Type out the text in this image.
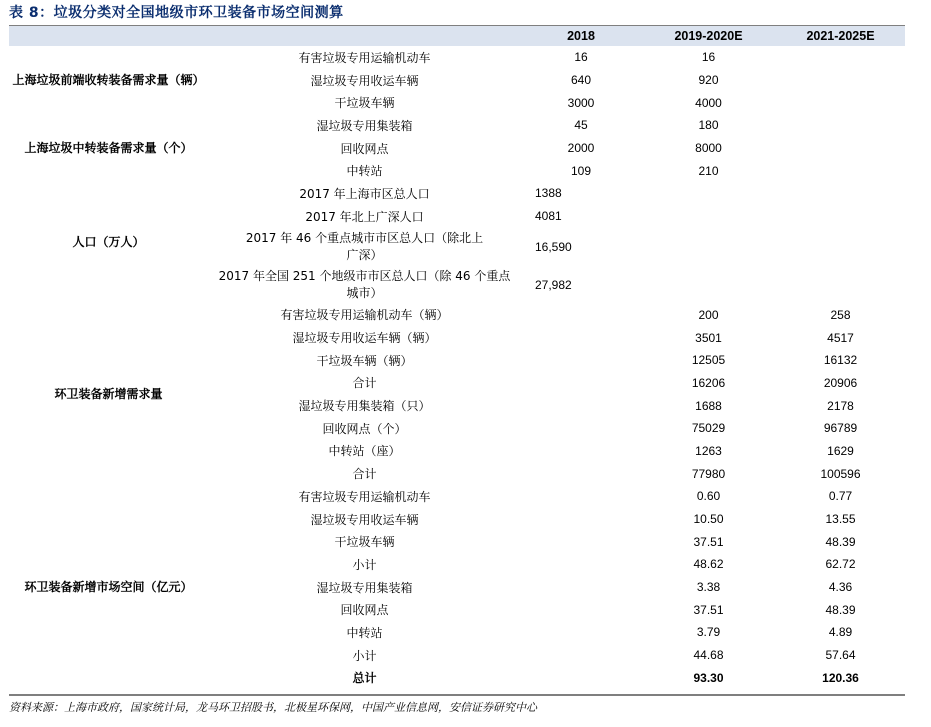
表 8：垃圾分类对全国地级市环卫装备市场空间测算
		2018	2019-2020E	2021-2025E
上海垃圾前端收转装备需求量（辆）	有害垃圾专用运输机动车	16	16	
	湿垃圾专用收运车辆	640	920	
	干垃圾车辆	3000	4000	
上海垃圾中转装备需求量（个）	湿垃圾专用集装箱	45	180	
	回收网点	2000	8000	
	中转站	109	210	
人口（万人）	2017 年上海市区总人口	1388		
	2017 年北上广深人口	4081		
	2017 年 46 个重点城市市区总人口（除北上广深）	16,590		
	2017 年全国 251 个地级市市区总人口（除 46 个重点城市）	27,982		
环卫装备新增需求量	有害垃圾专用运输机动车（辆）		200	258
	湿垃圾专用收运车辆（辆）		3501	4517
	干垃圾车辆（辆）		12505	16132
	合计		16206	20906
	湿垃圾专用集装箱（只）		1688	2178
	回收网点（个）		75029	96789
	中转站（座）		1263	1629
	合计		77980	100596
环卫装备新增市场空间（亿元）	有害垃圾专用运输机动车		0.60	0.77
	湿垃圾专用收运车辆		10.50	13.55
	干垃圾车辆		37.51	48.39
	小计		48.62	62.72
	湿垃圾专用集装箱		3.38	4.36
	回收网点		37.51	48.39
	中转站		3.79	4.89
	小计		44.68	57.64
	总计		93.30	120.36
资料来源：上海市政府，国家统计局，龙马环卫招股书，北极星环保网，中国产业信息网，安信证券研究中心
